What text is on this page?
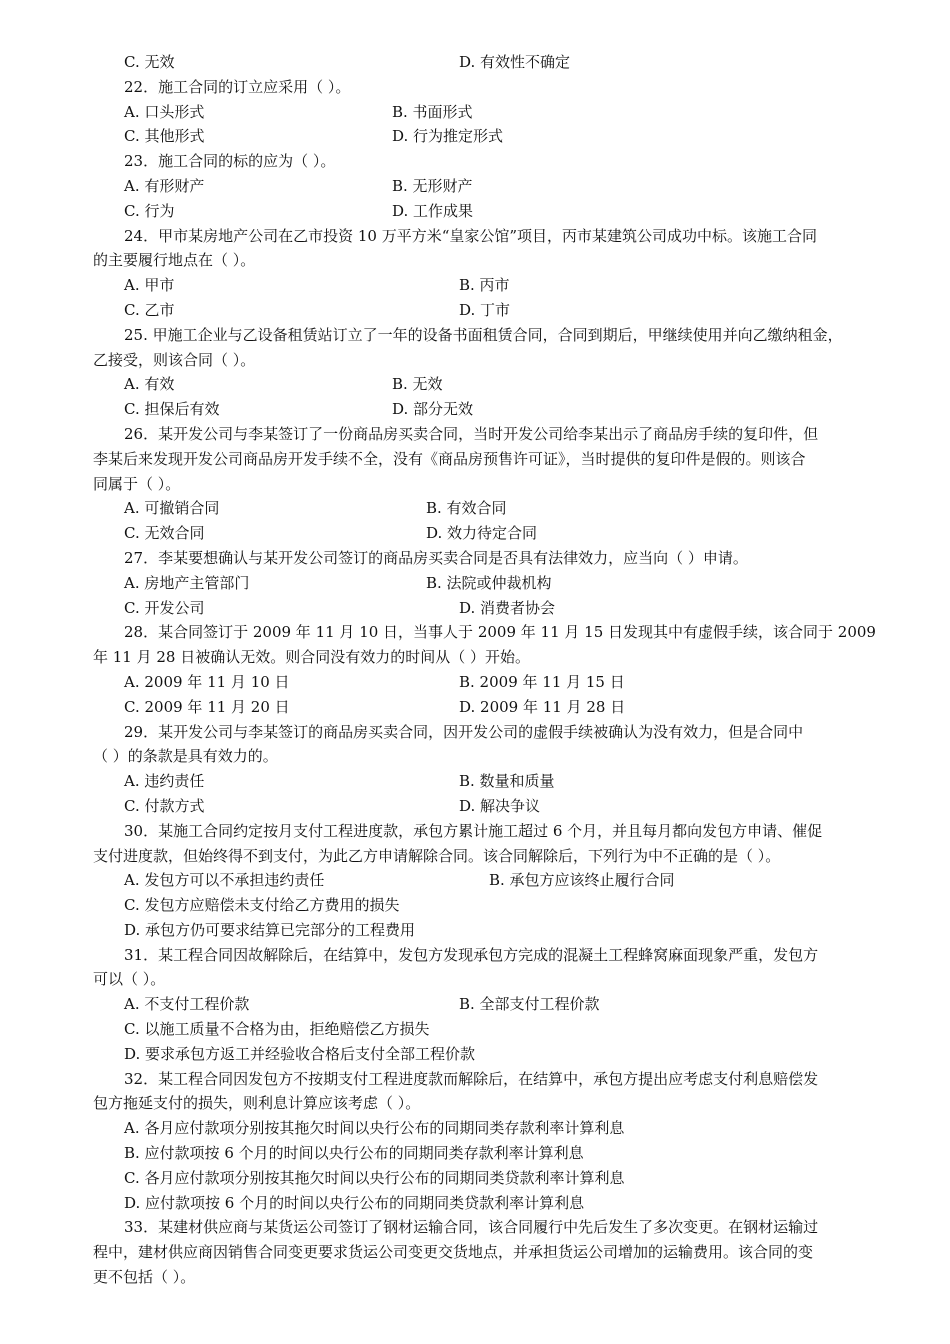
C. 无效	D. 有效性不确定
22．施工合同的订立应采用（ ）。
A. 口头形式	B. 书面形式
C. 其他形式	D. 行为推定形式
23．施工合同的标的应为（ ）。
A. 有形财产	B. 无形财产
C. 行为	D. 工作成果
24．甲市某房地产公司在乙市投资 10 万平方米“皇家公馆”项目，丙市某建筑公司成功中标。该施工合同
的主要履行地点在（ ）。
A. 甲市	B. 丙市
C. 乙市	D. 丁市
25. 甲施工企业与乙设备租赁站订立了一年的设备书面租赁合同，合同到期后，甲继续使用并向乙缴纳租金，
乙接受，则该合同（ ）。
A. 有效	B. 无效
C. 担保后有效	D. 部分无效
26．某开发公司与李某签订了一份商品房买卖合同，当时开发公司给李某出示了商品房手续的复印件，但
李某后来发现开发公司商品房开发手续不全，没有《商品房预售许可证》，当时提供的复印件是假的。则该合
同属于（ ）。
A. 可撤销合同	B. 有效合同
C. 无效合同	D. 效力待定合同
27．李某要想确认与某开发公司签订的商品房买卖合同是否具有法律效力，应当向（ ）申请。
A. 房地产主管部门	B. 法院或仲裁机构
C. 开发公司	D. 消费者协会
28．某合同签订于 2009 年 11 月 10 日，当事人于 2009 年 11 月 15 日发现其中有虚假手续，该合同于 2009
年 11 月 28 日被确认无效。则合同没有效力的时间从（ ）开始。
A. 2009 年 11 月 10 日	B. 2009 年 11 月 15 日
C. 2009 年 11 月 20 日	D. 2009 年 11 月 28 日
29．某开发公司与李某签订的商品房买卖合同，因开发公司的虚假手续被确认为没有效力，但是合同中
（ ）的条款是具有效力的。
A. 违约责任	B. 数量和质量
C. 付款方式	D. 解决争议
30．某施工合同约定按月支付工程进度款，承包方累计施工超过 6 个月，并且每月都向发包方申请、催促
支付进度款，但始终得不到支付，为此乙方申请解除合同。该合同解除后，下列行为中不正确的是（ ）。
A. 发包方可以不承担违约责任	B. 承包方应该终止履行合同
C. 发包方应赔偿未支付给乙方费用的损失
D. 承包方仍可要求结算已完部分的工程费用
31．某工程合同因故解除后，在结算中，发包方发现承包方完成的混凝土工程蜂窝麻面现象严重，发包方
可以（ ）。
A. 不支付工程价款	B. 全部支付工程价款
C. 以施工质量不合格为由，拒绝赔偿乙方损失
D. 要求承包方返工并经验收合格后支付全部工程价款
32．某工程合同因发包方不按期支付工程进度款而解除后，在结算中，承包方提出应考虑支付利息赔偿发
包方拖延支付的损失，则利息计算应该考虑（ ）。
A. 各月应付款项分别按其拖欠时间以央行公布的同期同类存款利率计算利息
B. 应付款项按 6 个月的时间以央行公布的同期同类存款利率计算利息
C. 各月应付款项分别按其拖欠时间以央行公布的同期同类贷款利率计算利息
D. 应付款项按 6 个月的时间以央行公布的同期同类贷款利率计算利息
33．某建材供应商与某货运公司签订了钢材运输合同，该合同履行中先后发生了多次变更。在钢材运输过
程中，建材供应商因销售合同变更要求货运公司变更交货地点，并承担货运公司增加的运输费用。该合同的变
更不包括（ ）。
